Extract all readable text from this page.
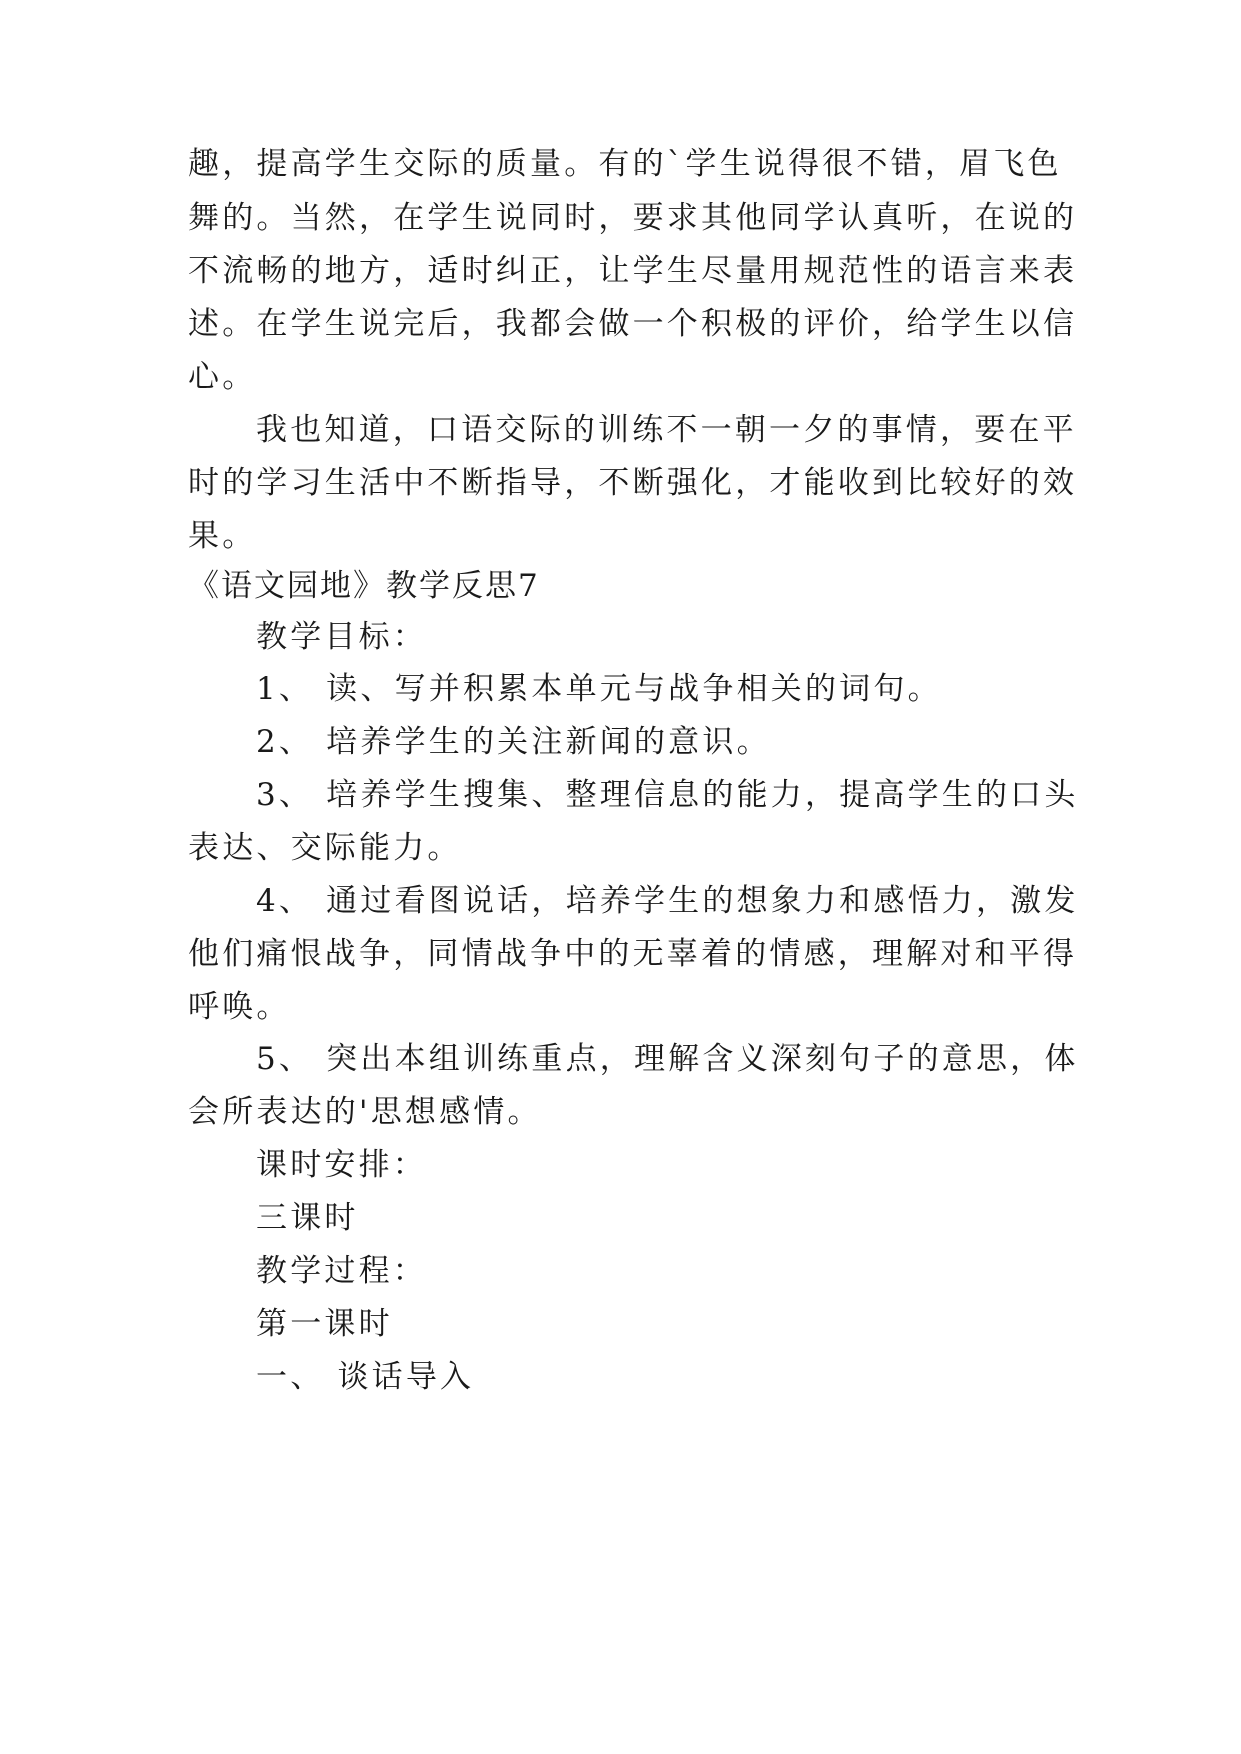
趣，提高学生交际的质量。有的`学生说得很不错，眉飞色
舞的。当然，在学生说同时，要求其他同学认真听，在说的
不流畅的地方，适时纠正，让学生尽量用规范性的语言来表
述。在学生说完后，我都会做一个积极的评价，给学生以信
心。
我也知道，口语交际的训练不一朝一夕的事情，要在平
时的学习生活中不断指导，不断强化，才能收到比较好的效
果。
《语文园地》教学反思7
教学目标：
1、 读、写并积累本单元与战争相关的词句。
2、 培养学生的关注新闻的意识。
3、 培养学生搜集、整理信息的能力，提高学生的口头
表达、交际能力。
4、 通过看图说话，培养学生的想象力和感悟力，激发
他们痛恨战争，同情战争中的无辜着的情感，理解对和平得
呼唤。
5、 突出本组训练重点，理解含义深刻句子的意思，体
会所表达的'思想感情。
课时安排：
三课时
教学过程：
第一课时
一、 谈话导入
